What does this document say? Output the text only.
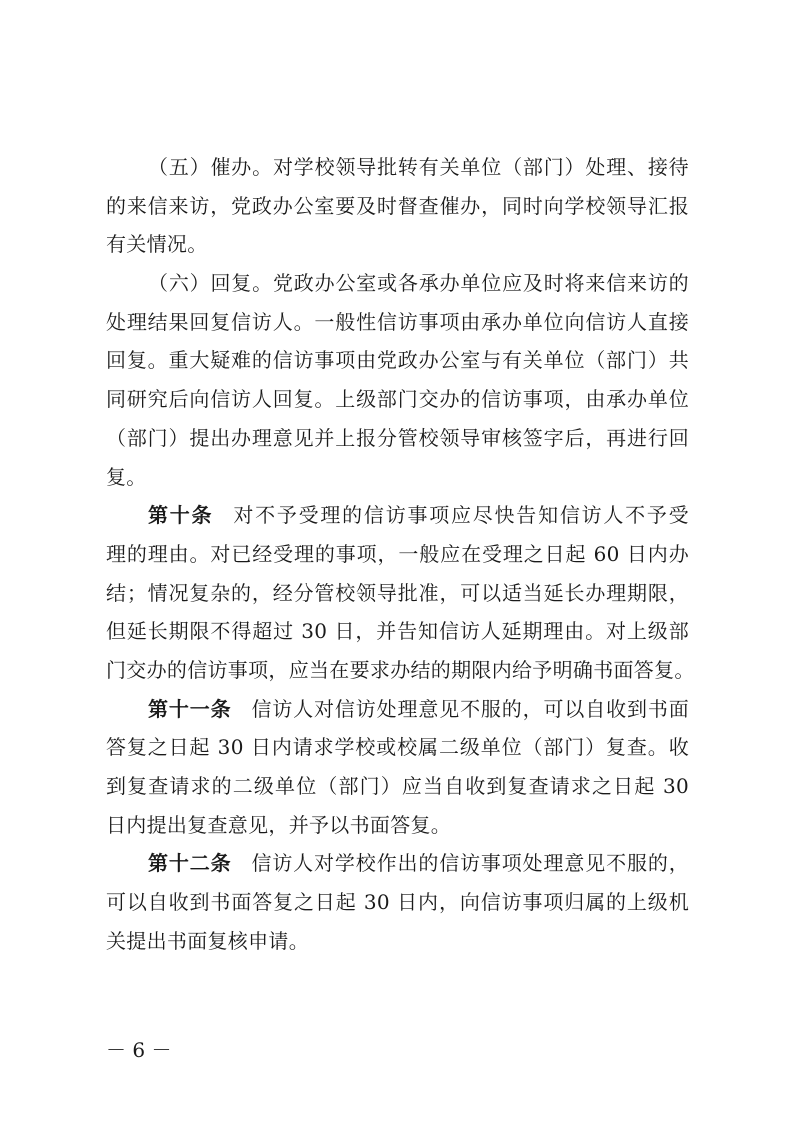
（五）催办。对学校领导批转有关单位（部门）处理、接待
的来信来访，党政办公室要及时督查催办，同时向学校领导汇报
有关情况。
（六）回复。党政办公室或各承办单位应及时将来信来访的
处理结果回复信访人。一般性信访事项由承办单位向信访人直接
回复。重大疑难的信访事项由党政办公室与有关单位（部门）共
同研究后向信访人回复。上级部门交办的信访事项，由承办单位
（部门）提出办理意见并上报分管校领导审核签字后，再进行回
复。
第十条 对不予受理的信访事项应尽快告知信访人不予受
理的理由。对已经受理的事项，一般应在受理之日起 60 日内办
结；情况复杂的，经分管校领导批准，可以适当延长办理期限，
但延长期限不得超过 30 日，并告知信访人延期理由。对上级部
门交办的信访事项，应当在要求办结的期限内给予明确书面答复。
第十一条 信访人对信访处理意见不服的，可以自收到书面
答复之日起 30 日内请求学校或校属二级单位（部门）复查。收
到复查请求的二级单位（部门）应当自收到复查请求之日起 30
日内提出复查意见，并予以书面答复。
第十二条 信访人对学校作出的信访事项处理意见不服的，
可以自收到书面答复之日起 30 日内，向信访事项归属的上级机
关提出书面复核申请。
－ 6 －
